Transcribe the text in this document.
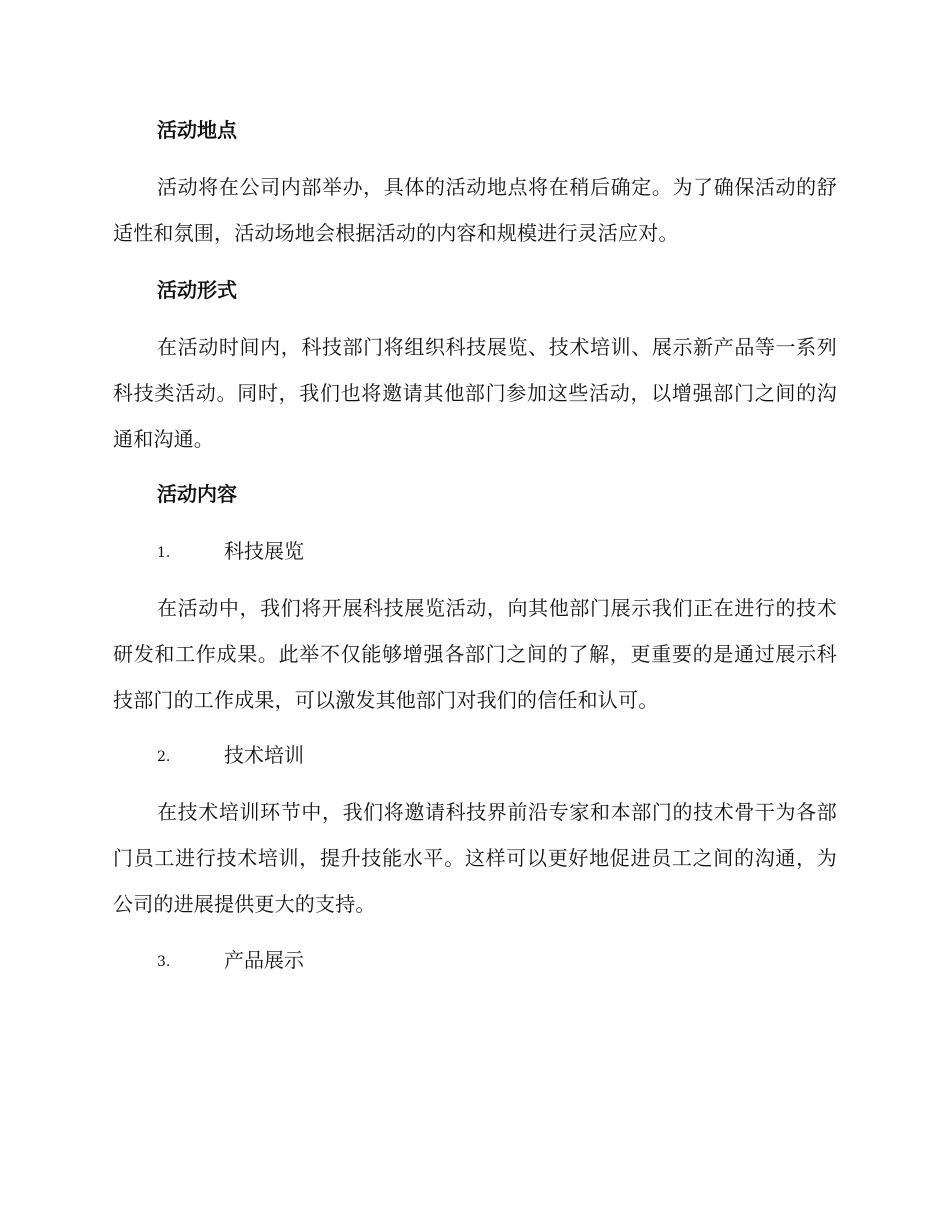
活动地点
活动将在公司内部举办，具体的活动地点将在稍后确定。为了确保活动的舒适性和氛围，活动场地会根据活动的内容和规模进行灵活应对。
活动形式
在活动时间内，科技部门将组织科技展览、技术培训、展示新产品等一系列科技类活动。同时，我们也将邀请其他部门参加这些活动，以增强部门之间的沟通和沟通。
活动内容
1.	科技展览
在活动中，我们将开展科技展览活动，向其他部门展示我们正在进行的技术研发和工作成果。此举不仅能够增强各部门之间的了解，更重要的是通过展示科技部门的工作成果，可以激发其他部门对我们的信任和认可。
2.	技术培训
在技术培训环节中，我们将邀请科技界前沿专家和本部门的技术骨干为各部门员工进行技术培训，提升技能水平。这样可以更好地促进员工之间的沟通，为公司的进展提供更大的支持。
3.	产品展示
